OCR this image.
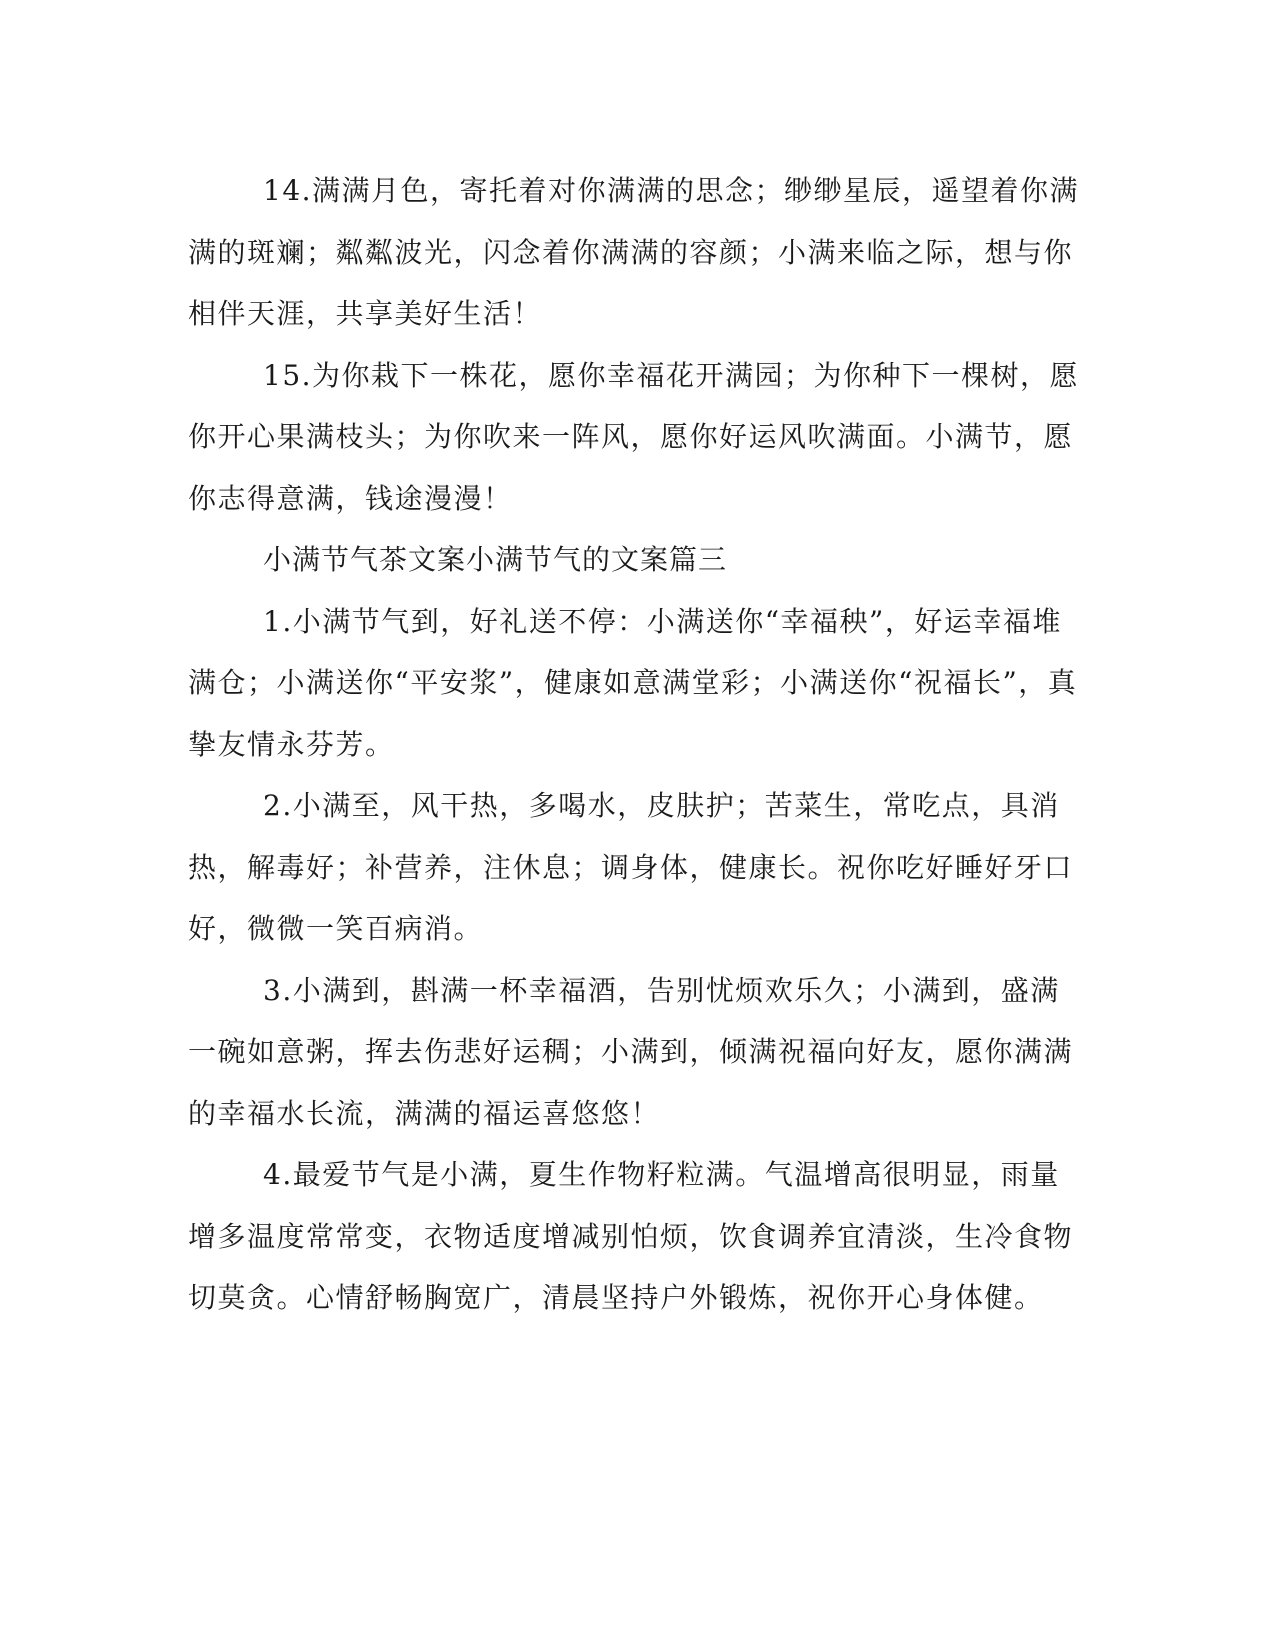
14.满满月色，寄托着对你满满的思念；缈缈星辰，遥望着你满满的斑斓；粼粼波光，闪念着你满满的容颜；小满来临之际，想与你相伴天涯，共享美好生活！

15.为你栽下一株花，愿你幸福花开满园；为你种下一棵树，愿你开心果满枝头；为你吹来一阵风，愿你好运风吹满面。小满节，愿你志得意满，钱途漫漫！

小满节气茶文案小满节气的文案篇三

1.小满节气到，好礼送不停：小满送你“幸福秧”，好运幸福堆满仓；小满送你“平安浆”，健康如意满堂彩；小满送你“祝福长”，真挚友情永芬芳。

2.小满至，风干热，多喝水，皮肤护；苦菜生，常吃点，具消热，解毒好；补营养，注休息；调身体，健康长。祝你吃好睡好牙口好，微微一笑百病消。

3.小满到，斟满一杯幸福酒，告别忧烦欢乐久；小满到，盛满一碗如意粥，挥去伤悲好运稠；小满到，倾满祝福向好友，愿你满满的幸福水长流，满满的福运喜悠悠！

4.最爱节气是小满，夏生作物籽粒满。气温增高很明显，雨量增多温度常常变，衣物适度增减别怕烦，饮食调养宜清淡，生冷食物切莫贪。心情舒畅胸宽广，清晨坚持户外锻炼，祝你开心身体健。
